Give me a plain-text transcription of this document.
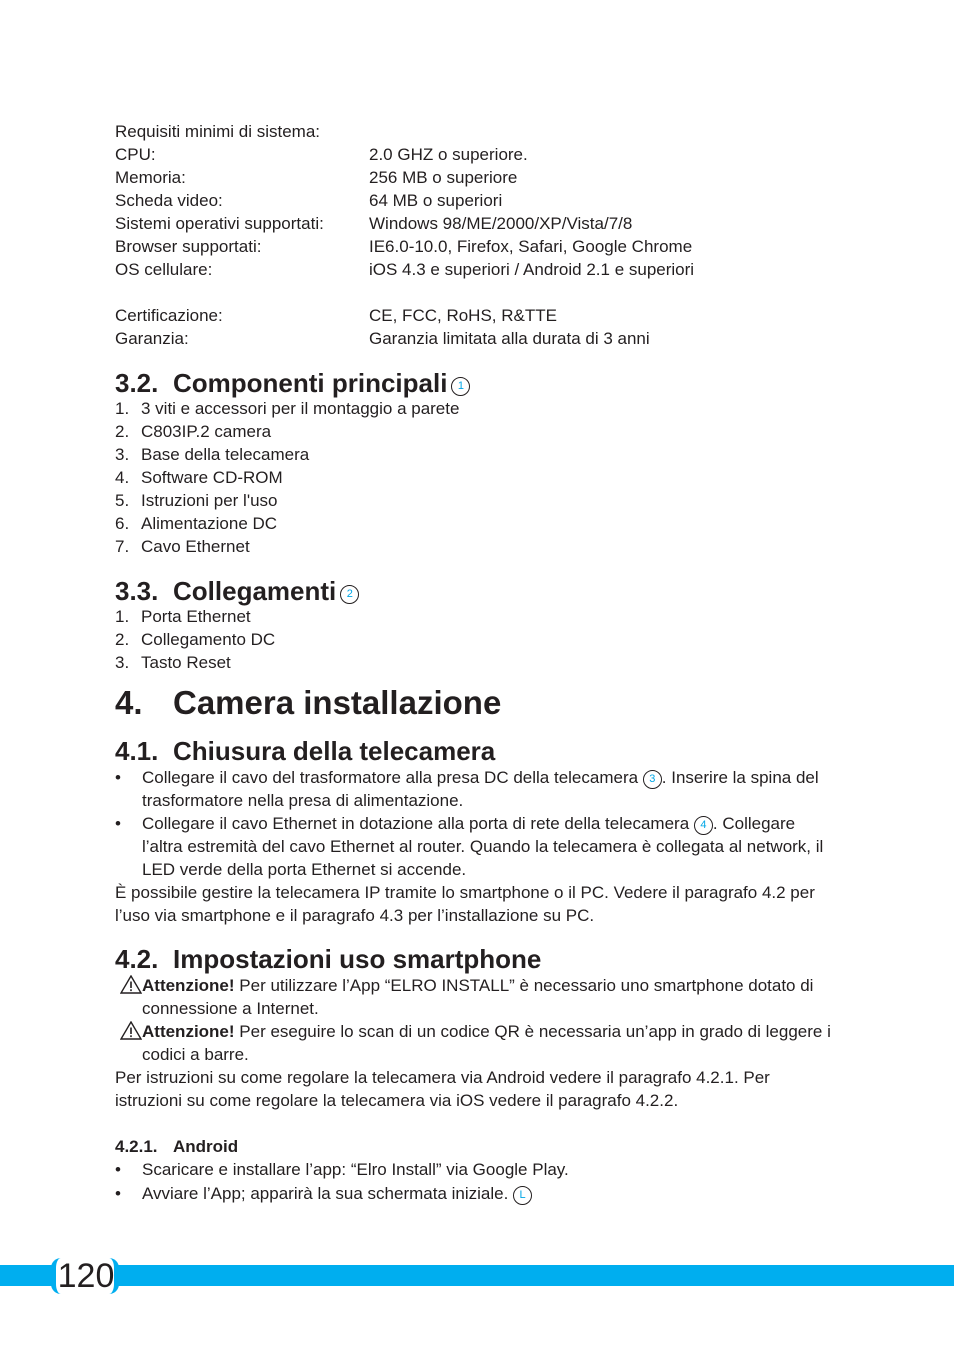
Requisiti minimi di sistema:
CPU:	2.0 GHZ o superiore.
Memoria:	256 MB o superiore
Scheda video:	64 MB o superiori
Sistemi operativi supportati:	Windows 98/ME/2000/XP/Vista/7/8
Browser supportati:	IE6.0-10.0, Firefox, Safari, Google Chrome
OS cellulare:	iOS 4.3 e superiori / Android 2.1 e superiori
Certificazione:	CE, FCC, RoHS, R&TTE
Garanzia:	Garanzia limitata alla durata di 3 anni
3.2. Componenti principali 1
1. 3 viti e accessori per il montaggio a parete
2. C803IP.2 camera
3. Base della telecamera
4. Software CD-ROM
5. Istruzioni per l'uso
6. Alimentazione DC
7. Cavo Ethernet
3.3. Collegamenti 2
1. Porta Ethernet
2. Collegamento DC
3. Tasto Reset
4. Camera installazione
4.1. Chiusura della telecamera
• Collegare il cavo del trasformatore alla presa DC della telecamera 3 . Inserire la spina del trasformatore nella presa di alimentazione.
• Collegare il cavo Ethernet in dotazione alla porta di rete della telecamera 4 . Collegare l’altra estremità del cavo Ethernet al router. Quando la telecamera è collegata al network, il LED verde della porta Ethernet si accende.
È possibile gestire la telecamera IP tramite lo smartphone o il PC. Vedere il paragrafo 4.2 per l’uso via smartphone e il paragrafo 4.3 per l’installazione su PC.
4.2. Impostazioni uso smartphone
Attenzione! Per utilizzare l’App “ELRO INSTALL” è necessario uno smartphone dotato di connessione a Internet.
Attenzione! Per eseguire lo scan di un codice QR è necessaria un’app in grado di leggere i codici a barre.
Per istruzioni su come regolare la telecamera via Android vedere il paragrafo 4.2.1. Per istruzioni su come regolare la telecamera via iOS vedere il paragrafo 4.2.2.
4.2.1. Android
• Scaricare e installare l’app: “Elro Install” via Google Play.
• Avviare l’App; apparirà la sua schermata iniziale. L
120
